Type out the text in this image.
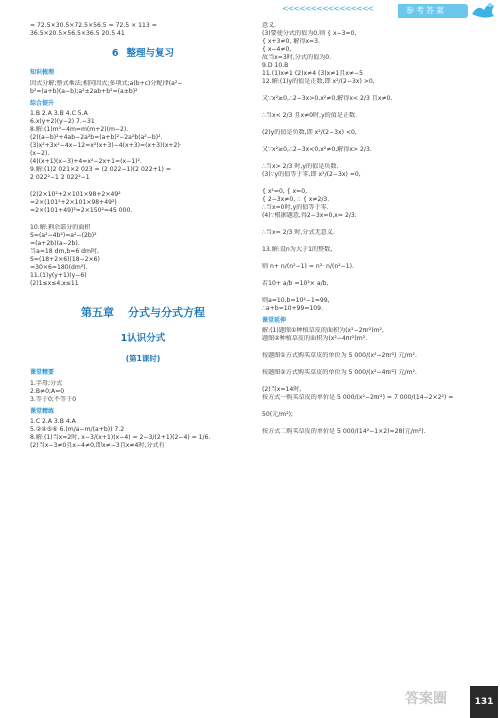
<<<<<<<<<<<<<<<<	参考答案
= 72.5×30.5×72.5×56.5 = 72.5 × 113 =
36.5×20.5×56.5×36.5 20.5 41
6 整理与复习
知识梳理
因式分解;整式乘法;相同因式;多项式;a(b+c)分配律(a²−
b²=(a+b)(a−b);a²±2ab+b²=(a±b)²
综合提升
1.B 2.A 3.B 4.C 5.A
6.x(y+2)(y−2) 7.−31
8.解:(1)m³−4m=m(m+2)(m−2).
(2)(a−b)²+4ab−2a²b=(a+b)²−2a²b(a²−b)².
(3)x²+3x²−4x−12=x²(x+3)−4(x+3)=(x+3)(x+2)·
(x−2).
(4)(x+1)(x−3)+4=x²−2x+1=(x−1)².
9.解:(1)2 021×2 023 = (2 022−1)(2 022+1) =
2 022²−1 2 022²−1
(2)2×10²+2×101×98+2×49²
=2×(101²+2×101×98+49²)
=2×(101+49)²=2×150²=45 000.
10.解:剩余部分的面积
S=(a²−4b²)=a²−(2b)²
=(a+2b)(a−2b).
当a=18 dm,b=6 dm时,
S=(18+2×6)(18−2×6)
=30×6=180(dm²).
11.(1)y(y+1)(y−6)
(2)1≤x≤4,x≤11
第五章 分式与分式方程
1认识分式
(第1课时)
课堂精要
1.字母;分式
2.B≠0;A=0
3.等于0;不等于0
课堂精练
1.C 2.A 3.B 4.A
5.②④⑤⑥ 6.(m/a−m/(a+b)) 7.2
8.解:(1)当x=2时, x−3/(x+1)(x−4) = 2−3/(2+1)(2−4) = 1/6.
(2)当x−3≠0且x−4≠0,即x≠−3且x≠4时,分式有
意义.
(3)要使分式的值为0,则 { x−3=0,
{ x+3≠0, 解得x=3.
{ x−4≠0,
故当x=3时,分式的值为0.
9.D 10.B
11.(1)x≠1 (2)x≠4 (3)x≠1且x≠−5
12.解:(1)y的值是正数,即 x²/(2−3x) >0,
又∵x²≥0,∴2−3x>0,x²≠0,解得x< 2/3 且x≠0.
∴当x< 2/3 且x≠0时,y的值是正数.
(2)y的值是负数,即 x²/(2−3x) <0,
又∵x²≥0,∴2−3x<0,x²≠0,解得x> 2/3.
∴当x> 2/3 时,y的值是负数.
(3)∵y的值等于零,即 x²/(2−3x) =0,
{ x²=0, { x=0,
{ 2−3x≠0, ∴ { x≠2/3.
∴当x=0时,y的值等于零.
(4)∵根据题意,得2−3x=0,x= 2/3.
∴当x= 2/3 时,分式无意义.
13.解:设n为大于1的整数,
则 n+ n/(n²−1) = n²· n/(n²−1).
若10+ a/b =10²× a/b,
则a=10,b=10²−1=99,
∴a+b=10+99=109.
课堂延伸
解:(1)题图①种植草皮的面积为(x²−2πr²)m²,
题图②种植草皮的面积为(x²−4πr²)m².
按题图①方式购买草皮的单价为 5 000/(x²−2πr²) 元/m².
按题图②方式购买草皮的单价为 5 000/(x²−4πr²) 元/m².
(2)当x=14时,
按方式一购买草皮的单价是 5 000/(x²−2πr²) = 7 000/(14−2×2²) =
50(元/m²);
按方式二购买草皮的单价是 5 000/(14²−1×2)≈28(元/m²).
答案圈	131
